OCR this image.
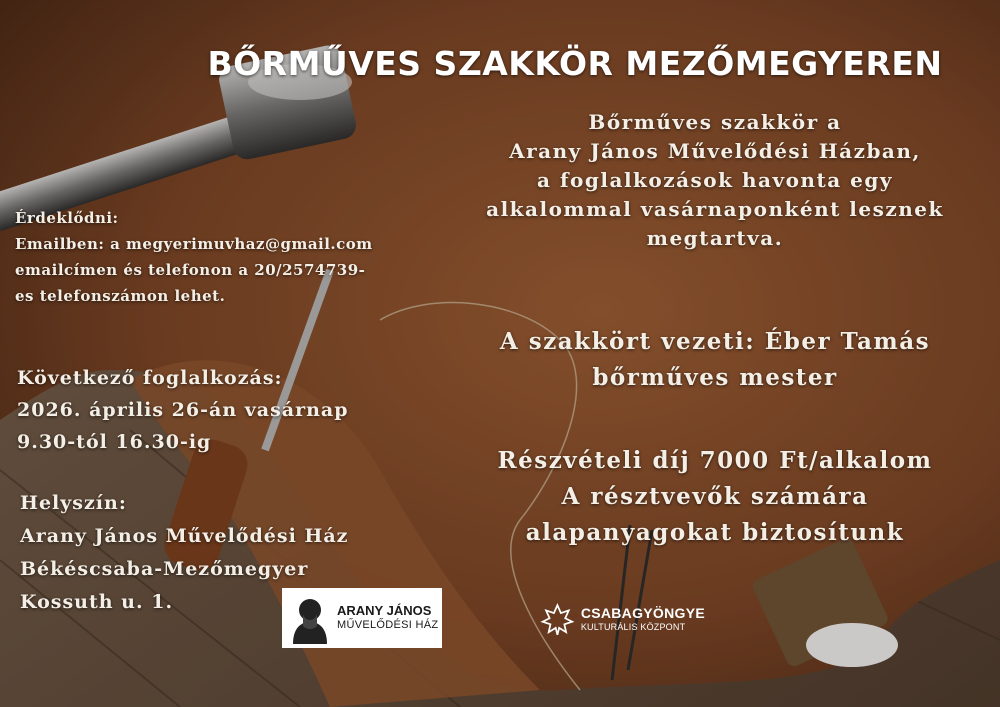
BŐRMŰVES SZAKKÖR MEZŐMEGYEREN
Bőrműves szakkör a
Arany János Művelődési Házban,
a foglalkozások havonta egy
alkalommal vasárnaponként lesznek
megtartva.
A szakkört vezeti: Éber Tamás
bőrműves mester
Részvételi díj 7000 Ft/alkalom
A résztvevők számára
alapanyagokat biztosítunk
Érdeklődni:
Emailben: a megyerimuvhaz@gmail.com
emailcímen és telefonon a 20/2574739-
es telefonszámon lehet.
Következő foglalkozás:
2026. április 26-án vasárnap
9.30-tól 16.30-ig
Helyszín:
Arany János Művelődési Ház
Békéscsaba-Mezőmegyer
Kossuth u. 1.	ARANY JÁNOS
MŰVELŐDÉSI HÁZ
CSABAGYÖNGYE
KULTURÁLIS KÖZPONT
